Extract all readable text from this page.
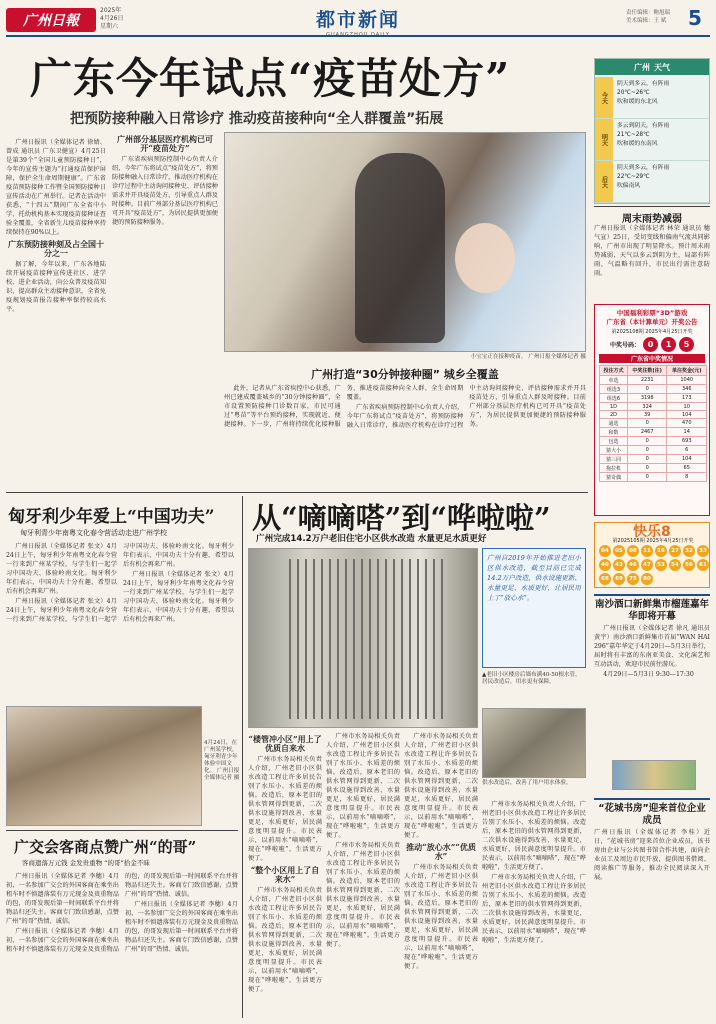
广州日報
2025年
4月26日
星期六	都市新闻	责任编辑：鲍旭瑞
美术编辑：王 斌 5
广东今年试点“疫苗处方”
把预防接种融入日常诊疗 推动疫苗接种向“全人群覆盖”拓展

广州日报讯（全媒体记者 徐婧、曾成 通讯员 广东卫健宣）4月25日是第39个“全国儿童预防接种日”，今年的宣传主题为“打通疫苗保护屏障，保护全生命周期健康”。广东省疫苗预防接种工作暨全国预防接种日宣传活动在广州举行。记者在活动中获悉，“十四五”期间广东全省中小学、托幼机构基本实现疫苗接种证查验全覆盖，全省新生儿疫苗接种率持续保持在90%以上。

广东预防接种刻及占全国十分之一

据了解，今年以来，广东各地陆续开展疫苗接种宣传进社区、进学校、进企业活动，向公众普及疫苗知识，提高群众主动接种意识，全省免疫规划疫苗报告接种率保持较高水平。

广州部分基层医疗机构已可开“疫苗处方”

广东省疾病预防控制中心负责人介绍，今年广东将试点“疫苗处方”，将预防接种融入日常诊疗，推动医疗机构在诊疗过程中主动询问接种史、评估接种需求并开具疫苗处方，引导重点人群及时接种。目前广州部分基层医疗机构已可开具“疫苗处方”，为居民提供更加便捷的预防接种服务。

小宝宝正在接种疫苗。 广州日报全媒体记者 摄
广州打造“30分钟接种圈” 城乡全覆盖

此外，记者从广东省疾控中心获悉，广州已建成覆盖城乡的“30分钟接种圈”，全市设置预防接种门诊数百家，市民可通过“粤苗”等平台预约接种，实现就近、便捷接种。下一步，广州将持续优化接种服务，推进疫苗接种向全人群、全生命周期覆盖。

广东省疾病预防控制中心负责人介绍，今年广东将试点“疫苗处方”，将预防接种融入日常诊疗，推动医疗机构在诊疗过程中主动询问接种史、评估接种需求并开具疫苗处方，引导重点人群及时接种。目前广州部分基层医疗机构已可开具“疫苗处方”，为居民提供更加便捷的预防接种服务。

广州 天气
今天
阴天到多云，有阵雨
20℃~26℃
吹和缓的东北风
明天
多云到阴天，有阵雨
21℃~28℃
吹和缓的东南风
后天
阴天到多云，有阵雨
22℃~29℃
吹偏南风
周末雨势减弱
广州日报讯（全媒体记者 林荣 通讯员 穗气宣）25日，受切变线和偏南气流共同影响，广州市出现了明显降水。预计周末雨势减弱，天气以多云到阴为主，局部有阵雨，气温略有回升，市民出行需注意防雨。
中国福利彩票“3D”游戏
广东省（本计算单元）开奖公告
第2025108期 2025年4月25日开奖
中奖号码： 0	1	5
广东省中奖情况
投注方式	中奖注数(注)	单注奖金(元)
单选	2231	1040
组选3	0	346
组选6	3198	173
1D	324	10
2D	39	104
通选	0	470
和数	2467	14
包选	0	693
猜大小	0	6
猜三同	0	104
拖拉机	0	65
猜奇偶	0	8
快乐8
第2025105期 2025年4月25日开奖
04	05	08	11	16	27	32	33
40	43	46	47	53	54	56	61
68	69	75	80
南沙酒口新鲜集市榴莲嘉年华即将开幕

广州日报讯（全媒体记者 徐凡 通讯员 黄宇）南沙酒口新鲜集市首届“WAN HAI 296”嘉年华定于4月29日—5月3日举行，届时将有丰富的东南亚美食、文化演艺和互动活动，欢迎市民前往游玩。

4月29日—5月3日 9:30—17:30

“花城书房”迎来首位企业成员
广州日报讯（全媒体记者 李桂）近日，“花城书房”迎来首位企业成员，该书房由企业与公共图书馆合作共建，面向企业员工及周边市民开放，提供图书借阅、阅读推广等服务，推动全民阅读深入开展。
匈牙利少年爱上“中国功夫”
匈牙利青少年南粤文化春令营活动走进广州学校

广州日报讯（全媒体记者 张文）4月24日上午，匈牙利少年南粤文化春令营一行来到广州某学校，与学生们一起学习中国功夫、体验岭南文化。匈牙利少年们表示，中国功夫十分有趣，希望以后有机会再来广州。

广州日报讯（全媒体记者 张文）4月24日上午，匈牙利少年南粤文化春令营一行来到广州某学校，与学生们一起学习中国功夫、体验岭南文化。匈牙利少年们表示，中国功夫十分有趣，希望以后有机会再来广州。

广州日报讯（全媒体记者 张文）4月24日上午，匈牙利少年南粤文化春令营一行来到广州某学校，与学生们一起学习中国功夫、体验岭南文化。匈牙利少年们表示，中国功夫十分有趣，希望以后有机会再来广州。

4月24日，在广州某学校，匈牙利青少年体验中国文化。 广州日报全媒体记者 摄
广交会客商点赞广州“的哥”
客商遗落万元钱 金发贵重物 “的哥”拾金不昧

广州日报讯（全媒体记者 李穗）4月初，一名参加广交会的外国客商在乘坐出租车时不慎遗落装有万元现金及贵重物品的包，的哥发现后第一时间联系平台并将物品归还失主。客商专门致信感谢，点赞广州“的哥”热情、诚信。

广州日报讯（全媒体记者 李穗）4月初，一名参加广交会的外国客商在乘坐出租车时不慎遗落装有万元现金及贵重物品的包，的哥发现后第一时间联系平台并将物品归还失主。客商专门致信感谢，点赞广州“的哥”热情、诚信。

广州日报讯（全媒体记者 李穗）4月初，一名参加广交会的外国客商在乘坐出租车时不慎遗落装有万元现金及贵重物品的包，的哥发现后第一时间联系平台并将物品归还失主。客商专门致信感谢，点赞广州“的哥”热情、诚信。

从“嘀嘀嗒”到“哗啦啦”
广州完成14.2万户老旧住宅小区供水改造 水量更足水质更好
广州自2019年开始推进老旧小区供水改造，截至目前已完成14.2万户改造，供水设施更新、水量更足、水质更好，让居民用上了“放心水”。
▲老旧小区楼房后墙布满40-50根水管，居民改造后，用水更有保障。
供水改造后，改善了用户用水体验。
“楼管冲小区”用上了优质自来水

广州市水务局相关负责人介绍，广州老旧小区供水改造工程让许多居民告别了水压小、水质差的烦恼。改造后，原本老旧的供水管网得到更新，二次供水设施得到改善，水量更足，水质更好，居民满意度明显提升。市民表示，以前用水“嘀嘀嗒”，现在“哗啦啦”，生活更方便了。

“整个小区用上了自来水”

广州市水务局相关负责人介绍，广州老旧小区供水改造工程让许多居民告别了水压小、水质差的烦恼。改造后，原本老旧的供水管网得到更新，二次供水设施得到改善，水量更足，水质更好，居民满意度明显提升。市民表示，以前用水“嘀嘀嗒”，现在“哗啦啦”，生活更方便了。

广州市水务局相关负责人介绍，广州老旧小区供水改造工程让许多居民告别了水压小、水质差的烦恼。改造后，原本老旧的供水管网得到更新，二次供水设施得到改善，水量更足，水质更好，居民满意度明显提升。市民表示，以前用水“嘀嘀嗒”，现在“哗啦啦”，生活更方便了。

广州市水务局相关负责人介绍，广州老旧小区供水改造工程让许多居民告别了水压小、水质差的烦恼。改造后，原本老旧的供水管网得到更新，二次供水设施得到改善，水量更足，水质更好，居民满意度明显提升。市民表示，以前用水“嘀嘀嗒”，现在“哗啦啦”，生活更方便了。

广州市水务局相关负责人介绍，广州老旧小区供水改造工程让许多居民告别了水压小、水质差的烦恼。改造后，原本老旧的供水管网得到更新，二次供水设施得到改善，水量更足，水质更好，居民满意度明显提升。市民表示，以前用水“嘀嘀嗒”，现在“哗啦啦”，生活更方便了。

推动“放心水”“优质水”

广州市水务局相关负责人介绍，广州老旧小区供水改造工程让许多居民告别了水压小、水质差的烦恼。改造后，原本老旧的供水管网得到更新，二次供水设施得到改善，水量更足，水质更好，居民满意度明显提升。市民表示，以前用水“嘀嘀嗒”，现在“哗啦啦”，生活更方便了。

广州市水务局相关负责人介绍，广州老旧小区供水改造工程让许多居民告别了水压小、水质差的烦恼。改造后，原本老旧的供水管网得到更新，二次供水设施得到改善，水量更足，水质更好，居民满意度明显提升。市民表示，以前用水“嘀嘀嗒”，现在“哗啦啦”，生活更方便了。

广州市水务局相关负责人介绍，广州老旧小区供水改造工程让许多居民告别了水压小、水质差的烦恼。改造后，原本老旧的供水管网得到更新，二次供水设施得到改善，水量更足，水质更好，居民满意度明显提升。市民表示，以前用水“嘀嘀嗒”，现在“哗啦啦”，生活更方便了。
